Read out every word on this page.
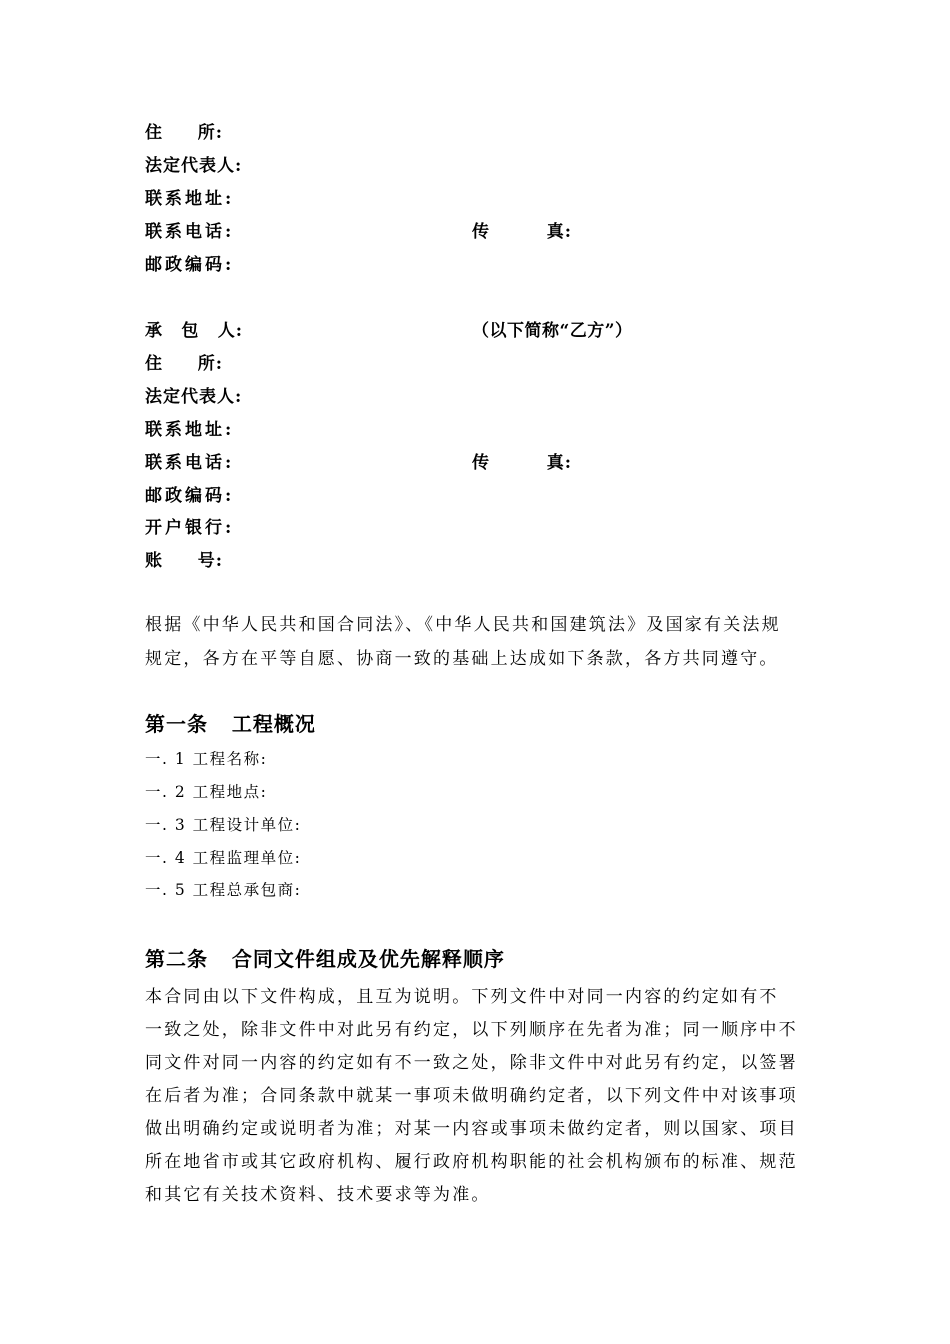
住 所:
法定代表人:
联系地址:
联系电话:	传	真:
邮政编码:
承 包 人:	（以下简称“乙方”）
住 所:
法定代表人:
联系地址:
联系电话:	传	真:
邮政编码:
开户银行:
账 号:
根据《中华人民共和国合同法》、《中华人民共和国建筑法》及国家有关法规
规定，各方在平等自愿、协商一致的基础上达成如下条款，各方共同遵守。
第一条   工程概况
一. 1 工程名称:
一. 2 工程地点:
一. 3 工程设计单位:
一. 4 工程监理单位:
一. 5 工程总承包商:
第二条   合同文件组成及优先解释顺序
本合同由以下文件构成，且互为说明。下列文件中对同一内容的约定如有不
一致之处，除非文件中对此另有约定，以下列顺序在先者为准；同一顺序中不
同文件对同一内容的约定如有不一致之处，除非文件中对此另有约定，以签署
在后者为准；合同条款中就某一事项未做明确约定者，以下列文件中对该事项
做出明确约定或说明者为准；对某一内容或事项未做约定者，则以国家、项目
所在地省市或其它政府机构、履行政府机构职能的社会机构颁布的标准、规范
和其它有关技术资料、技术要求等为准。
